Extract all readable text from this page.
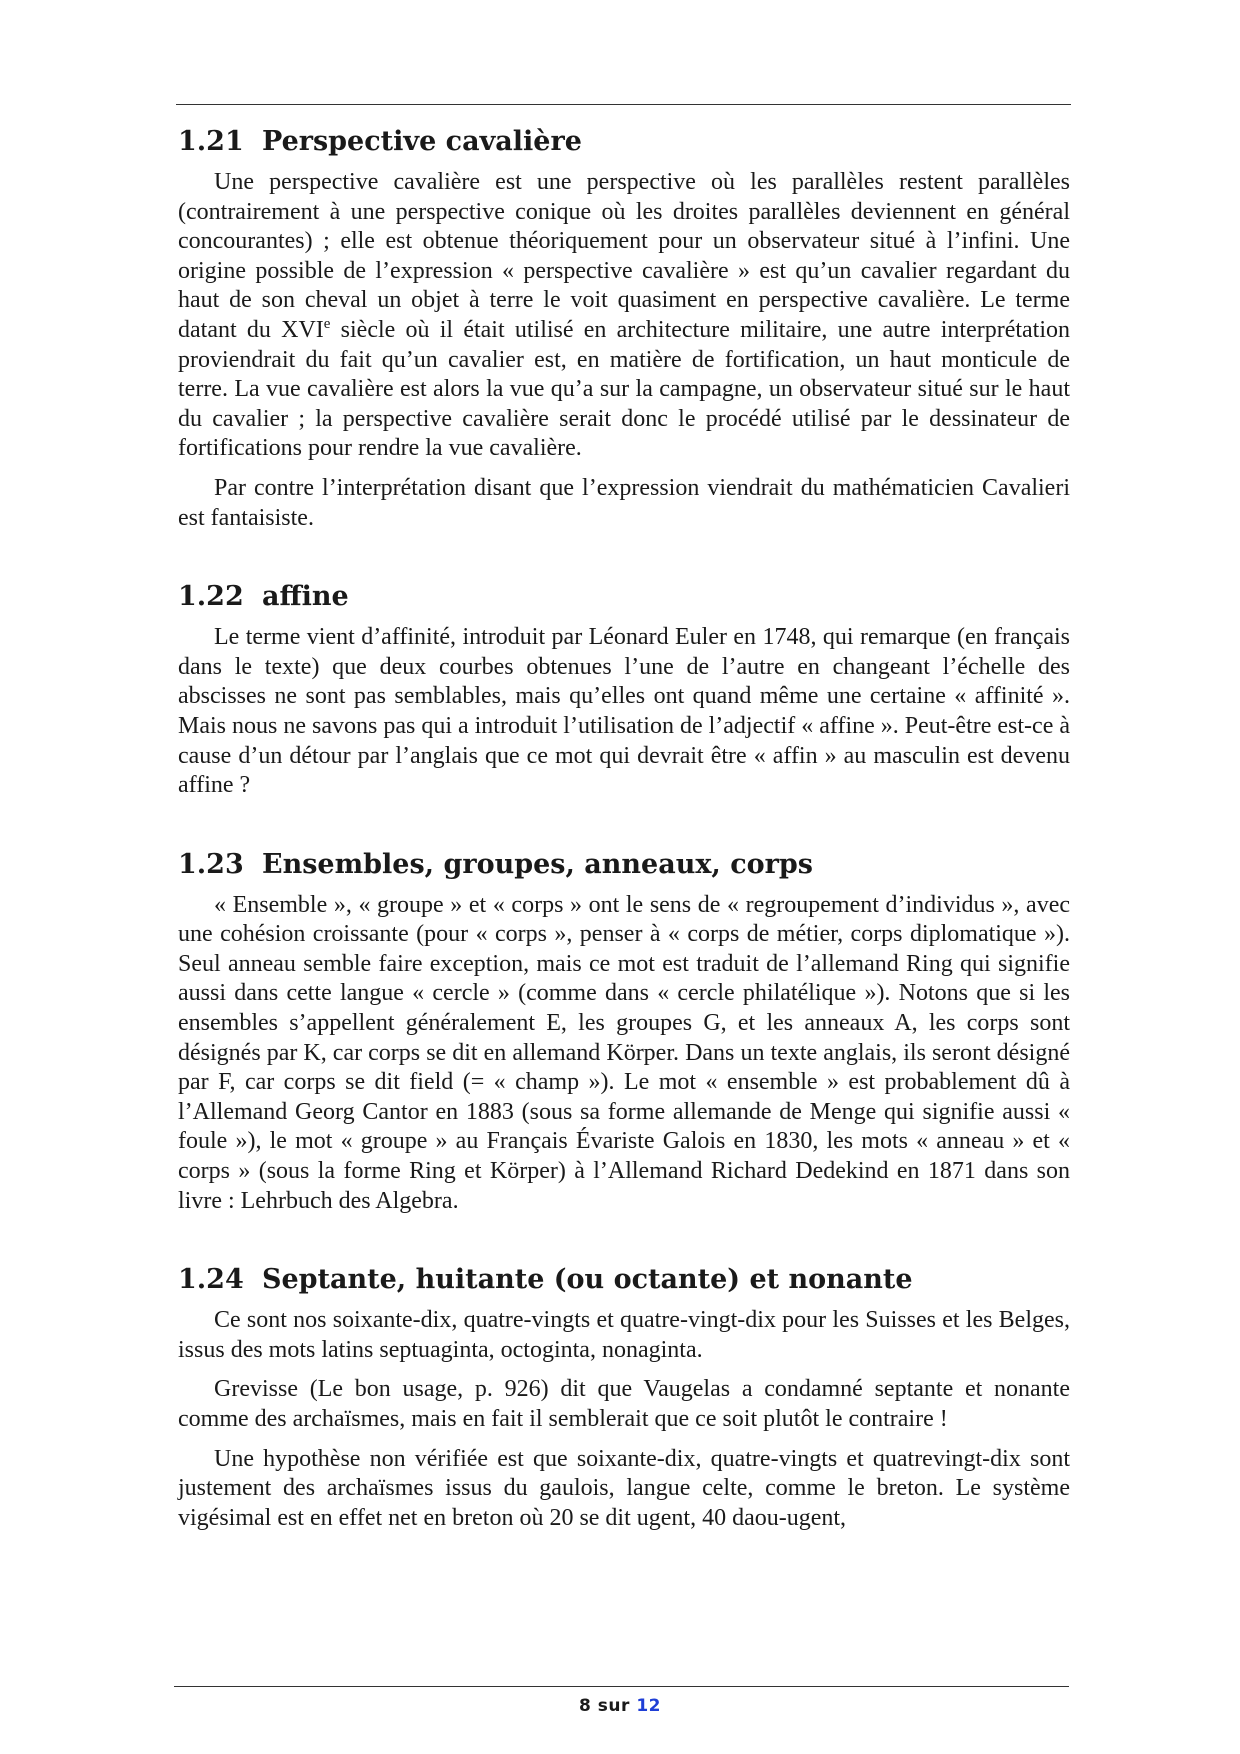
1.21 Perspective cavalière

Une perspective cavalière est une perspective où les parallèles restent parallèles (contrairement à une perspective conique où les droites parallèles deviennent en général concourantes) ; elle est obtenue théoriquement pour un observateur situé à l’infini. Une origine possible de l’expression « perspective cavalière » est qu’un cavalier regardant du haut de son cheval un objet à terre le voit quasiment en perspective cavalière. Le terme datant du XVIe siècle où il était utilisé en architecture militaire, une autre interprétation proviendrait du fait qu’un cavalier est, en matière de fortification, un haut monticule de terre. La vue cavalière est alors la vue qu’a sur la campagne, un observateur situé sur le haut du cavalier ; la perspective cavalière serait donc le procédé utilisé par le dessinateur de fortifications pour rendre la vue cavalière.

Par contre l’interprétation disant que l’expression viendrait du mathématicien Cavalieri est fantaisiste.

1.22 affine

Le terme vient d’affinité, introduit par Léonard Euler en 1748, qui remarque (en français dans le texte) que deux courbes obtenues l’une de l’autre en changeant l’échelle des abscisses ne sont pas semblables, mais qu’elles ont quand même une certaine « affinité ». Mais nous ne savons pas qui a introduit l’utilisation de l’adjectif « affine ». Peut-être est-ce à cause d’un détour par l’anglais que ce mot qui devrait être « affin » au masculin est devenu affine ?

1.23 Ensembles, groupes, anneaux, corps

« Ensemble », « groupe » et « corps » ont le sens de « regroupement d’individus », avec une cohésion croissante (pour « corps », penser à « corps de métier, corps diplomatique »). Seul anneau semble faire exception, mais ce mot est traduit de l’allemand Ring qui signifie aussi dans cette langue « cercle » (comme dans « cercle philatélique »). Notons que si les ensembles s’appellent généralement E, les groupes G, et les anneaux A, les corps sont désignés par K, car corps se dit en allemand Körper. Dans un texte anglais, ils seront désigné par F, car corps se dit field (= « champ »). Le mot « ensemble » est probablement dû à l’Allemand Georg Cantor en 1883 (sous sa forme allemande de Menge qui signifie aussi « foule »), le mot « groupe » au Français Évariste Galois en 1830, les mots « anneau » et « corps » (sous la forme Ring et Körper) à l’Allemand Richard Dedekind en 1871 dans son livre : Lehrbuch des Algebra.

1.24 Septante, huitante (ou octante) et nonante

Ce sont nos soixante-dix, quatre-vingts et quatre-vingt-dix pour les Suisses et les Belges, issus des mots latins septuaginta, octoginta, nonaginta.

Grevisse (Le bon usage, p. 926) dit que Vaugelas a condamné septante et nonante comme des archaïsmes, mais en fait il semblerait que ce soit plutôt le contraire !

Une hypothèse non vérifiée est que soixante-dix, quatre-vingts et quatrevingt-dix sont justement des archaïsmes issus du gaulois, langue celte, comme le breton. Le système vigésimal est en effet net en breton où 20 se dit ugent, 40 daou-ugent,

8 sur 12
